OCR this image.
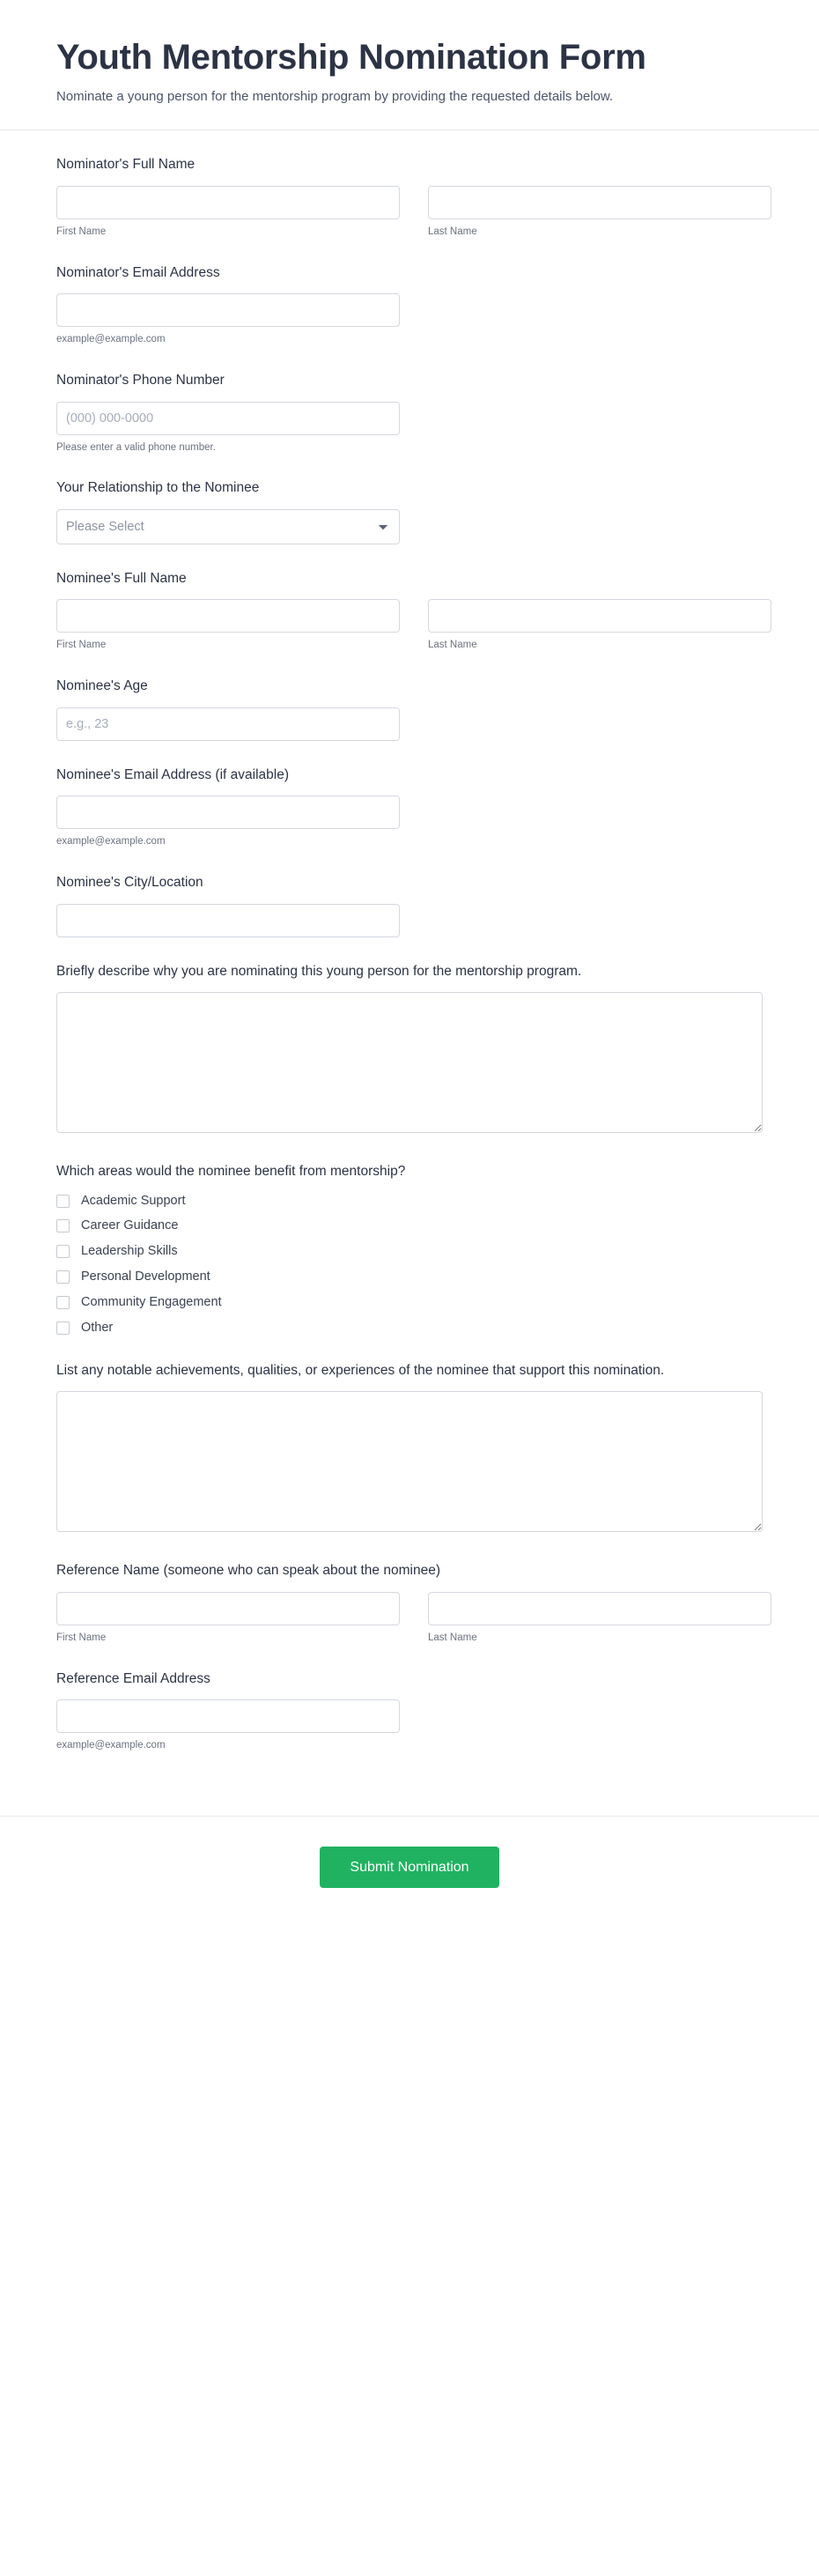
Youth Mentorship Nomination Form

Nominate a young person for the mentorship program by providing the requested details below.

Nominator's Full Name
First Name	Last Name
Nominator's Email Address
example@example.com
Nominator's Phone Number
(000) 000-0000
Please enter a valid phone number.
Your Relationship to the Nominee
Please Select
Nominee's Full Name
First Name	Last Name
Nominee's Age
e.g., 23
Nominee's Email Address (if available)
example@example.com
Nominee's City/Location
Briefly describe why you are nominating this young person for the mentorship program.
Which areas would the nominee benefit from mentorship?
Academic Support
Career Guidance
Leadership Skills
Personal Development
Community Engagement
Other
List any notable achievements, qualities, or experiences of the nominee that support this nomination.
Reference Name (someone who can speak about the nominee)
First Name	Last Name
Reference Email Address
example@example.com
Submit Nomination
